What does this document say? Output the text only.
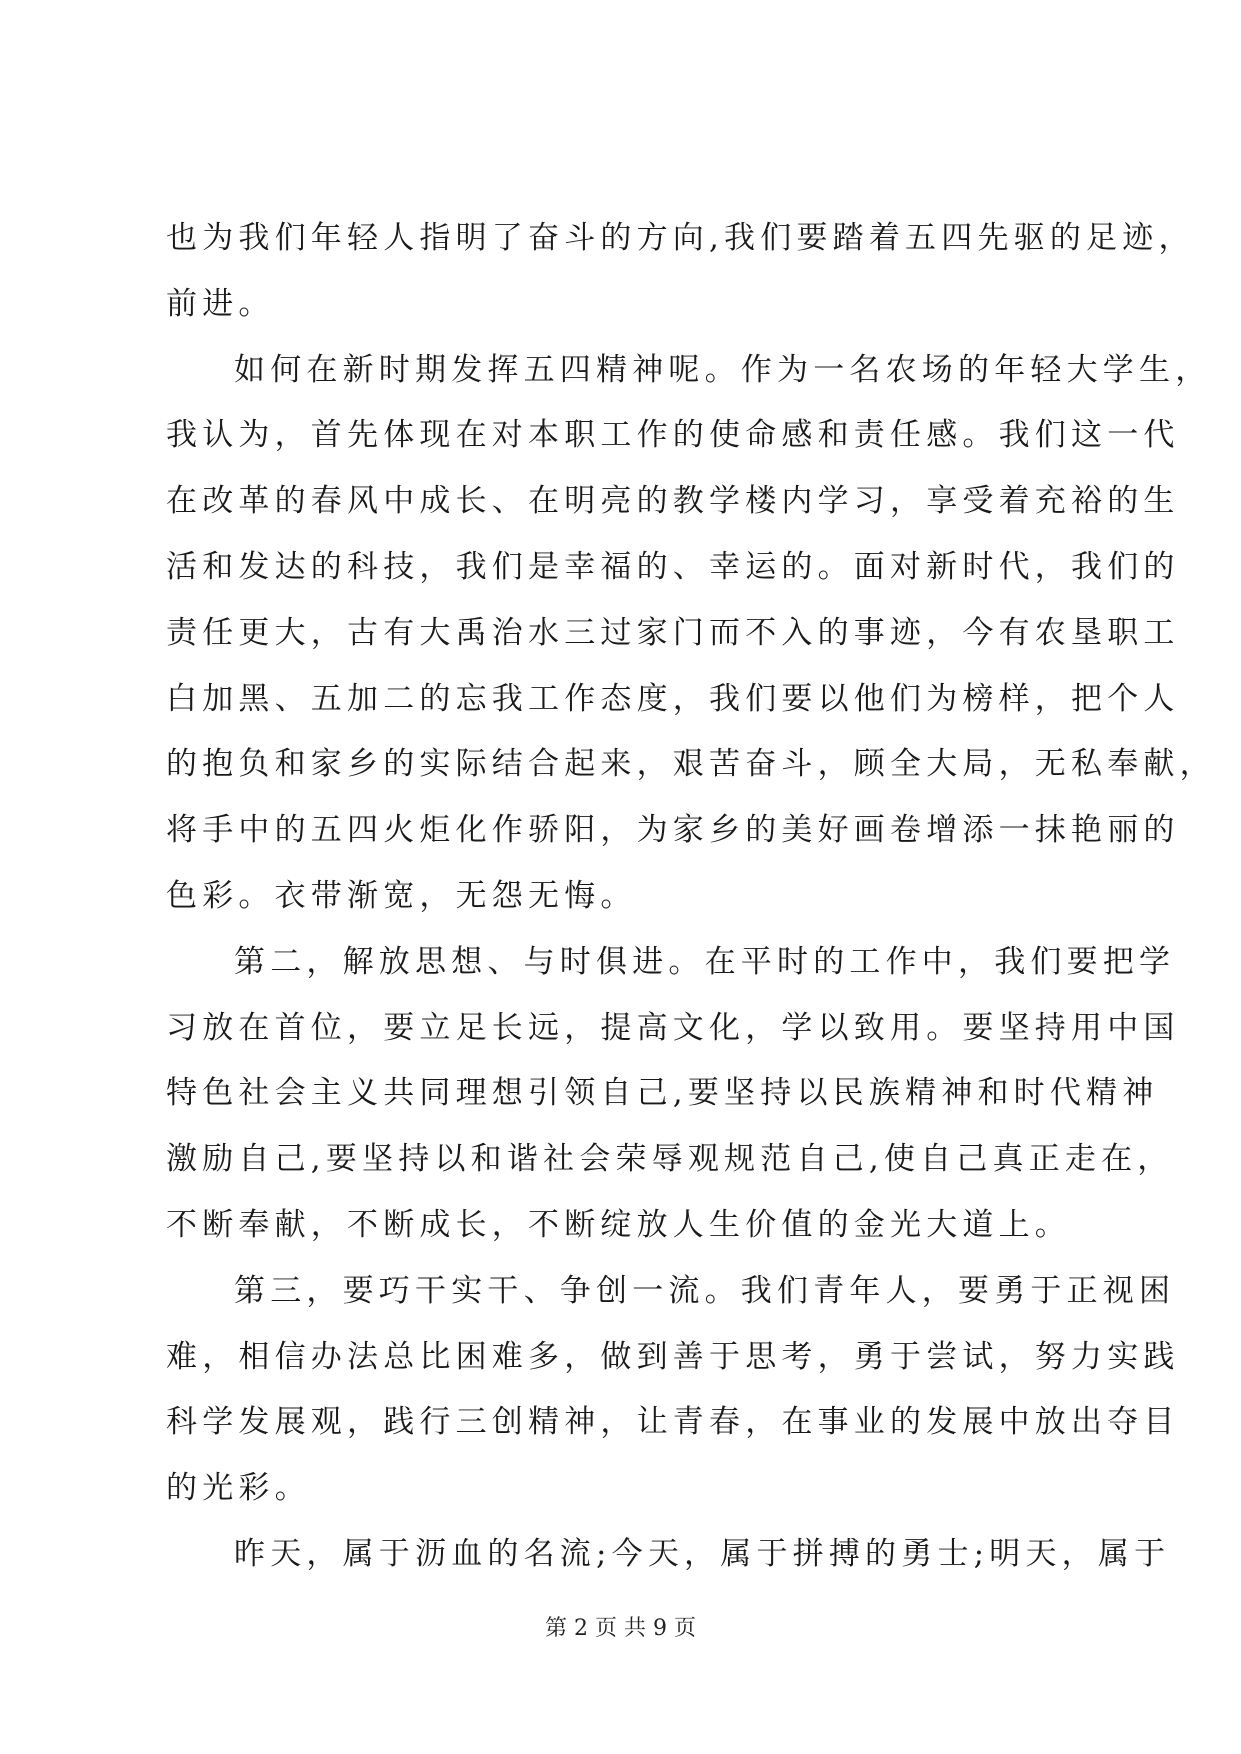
也为我们年轻人指明了奋斗的方向,我们要踏着五四先驱的足迹，
前进。
如何在新时期发挥五四精神呢。作为一名农场的年轻大学生，
我认为，首先体现在对本职工作的使命感和责任感。我们这一代
在改革的春风中成长、在明亮的教学楼内学习，享受着充裕的生
活和发达的科技，我们是幸福的、幸运的。面对新时代，我们的
责任更大，古有大禹治水三过家门而不入的事迹，今有农垦职工
白加黑、五加二的忘我工作态度，我们要以他们为榜样，把个人
的抱负和家乡的实际结合起来，艰苦奋斗，顾全大局，无私奉献，
将手中的五四火炬化作骄阳，为家乡的美好画卷增添一抹艳丽的
色彩。衣带渐宽，无怨无悔。
第二，解放思想、与时俱进。在平时的工作中，我们要把学
习放在首位，要立足长远，提高文化，学以致用。要坚持用中国
特色社会主义共同理想引领自己,要坚持以民族精神和时代精神
激励自己,要坚持以和谐社会荣辱观规范自己,使自己真正走在，
不断奉献，不断成长，不断绽放人生价值的金光大道上。
第三，要巧干实干、争创一流。我们青年人，要勇于正视困
难，相信办法总比困难多，做到善于思考，勇于尝试，努力实践
科学发展观，践行三创精神，让青春，在事业的发展中放出夺目
的光彩。
昨天，属于沥血的名流;今天，属于拼搏的勇士;明天，属于
第 2 页 共 9 页
